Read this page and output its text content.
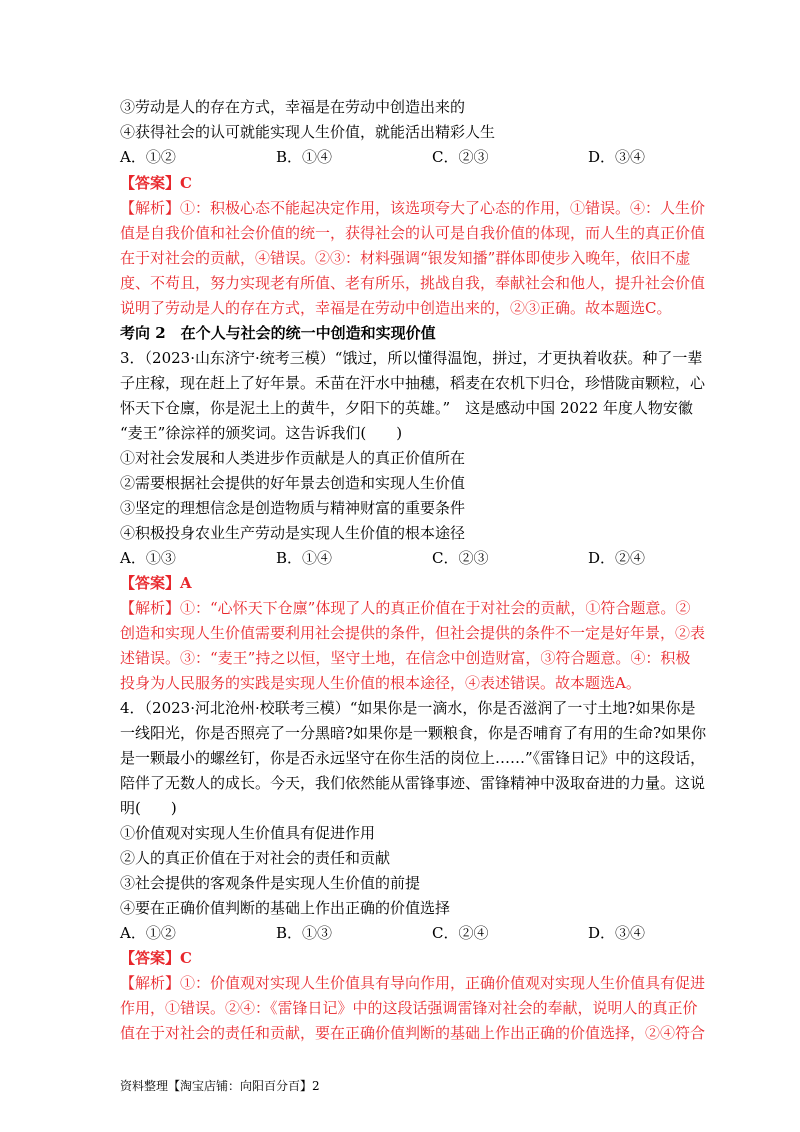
③劳动是人的存在方式，幸福是在劳动中创造出来的
④获得社会的认可就能实现人生价值，就能活出精彩人生
A．①②	B．①④	C．②③	D．③④
【答案】C
【解析】①：积极心态不能起决定作用，该选项夸大了心态的作用，①错误。④：人生价
值是自我价值和社会价值的统一，获得社会的认可是自我价值的体现，而人生的真正价值
在于对社会的贡献，④错误。②③：材料强调“银发知播”群体即使步入晚年，依旧不虚
度、不苟且，努力实现老有所值、老有所乐，挑战自我，奉献社会和他人，提升社会价值
说明了劳动是人的存在方式，幸福是在劳动中创造出来的，②③正确。故本题选C。
考向 2　在个人与社会的统一中创造和实现价值
3．（2023·山东济宁·统考三模）“饿过，所以懂得温饱，拼过，才更执着收获。种了一辈
子庄稼，现在赶上了好年景。禾苗在汗水中抽穗，稻麦在农机下归仓，珍惜陇亩颗粒，心
怀天下仓廪，你是泥土上的黄牛，夕阳下的英雄。”　这是感动中国 2022 年度人物安徽
“麦王”徐淙祥的颁奖词。这告诉我们(　　)
①对社会发展和人类进步作贡献是人的真正价值所在
②需要根据社会提供的好年景去创造和实现人生价值
③坚定的理想信念是创造物质与精神财富的重要条件
④积极投身农业生产劳动是实现人生价值的根本途径
A．①③	B．①④	C．②③	D．②④
【答案】A
【解析】①：“心怀天下仓廪”体现了人的真正价值在于对社会的贡献，①符合题意。②
创造和实现人生价值需要利用社会提供的条件，但社会提供的条件不一定是好年景，②表
述错误。③：“麦王”持之以恒，坚守土地，在信念中创造财富，③符合题意。④：积极
投身为人民服务的实践是实现人生价值的根本途径，④表述错误。故本题选A。
4．（2023·河北沧州·校联考三模）“如果你是一滴水，你是否滋润了一寸土地?如果你是
一线阳光，你是否照亮了一分黑暗?如果你是一颗粮食，你是否哺育了有用的生命?如果你
是一颗最小的螺丝钉，你是否永远坚守在你生活的岗位上……”《雷锋日记》中的这段话，
陪伴了无数人的成长。今天，我们依然能从雷锋事迹、雷锋精神中汲取奋进的力量。这说
明(　　)
①价值观对实现人生价值具有促进作用
②人的真正价值在于对社会的责任和贡献
③社会提供的客观条件是实现人生价值的前提
④要在正确价值判断的基础上作出正确的价值选择
A．①②	B．①③	C．②④	D．③④
【答案】C
【解析】①：价值观对实现人生价值具有导向作用，正确价值观对实现人生价值具有促进
作用，①错误。②④：《雷锋日记》中的这段话强调雷锋对社会的奉献，说明人的真正价
值在于对社会的责任和贡献，要在正确价值判断的基础上作出正确的价值选择，②④符合
资料整理【淘宝店铺：向阳百分百】2
